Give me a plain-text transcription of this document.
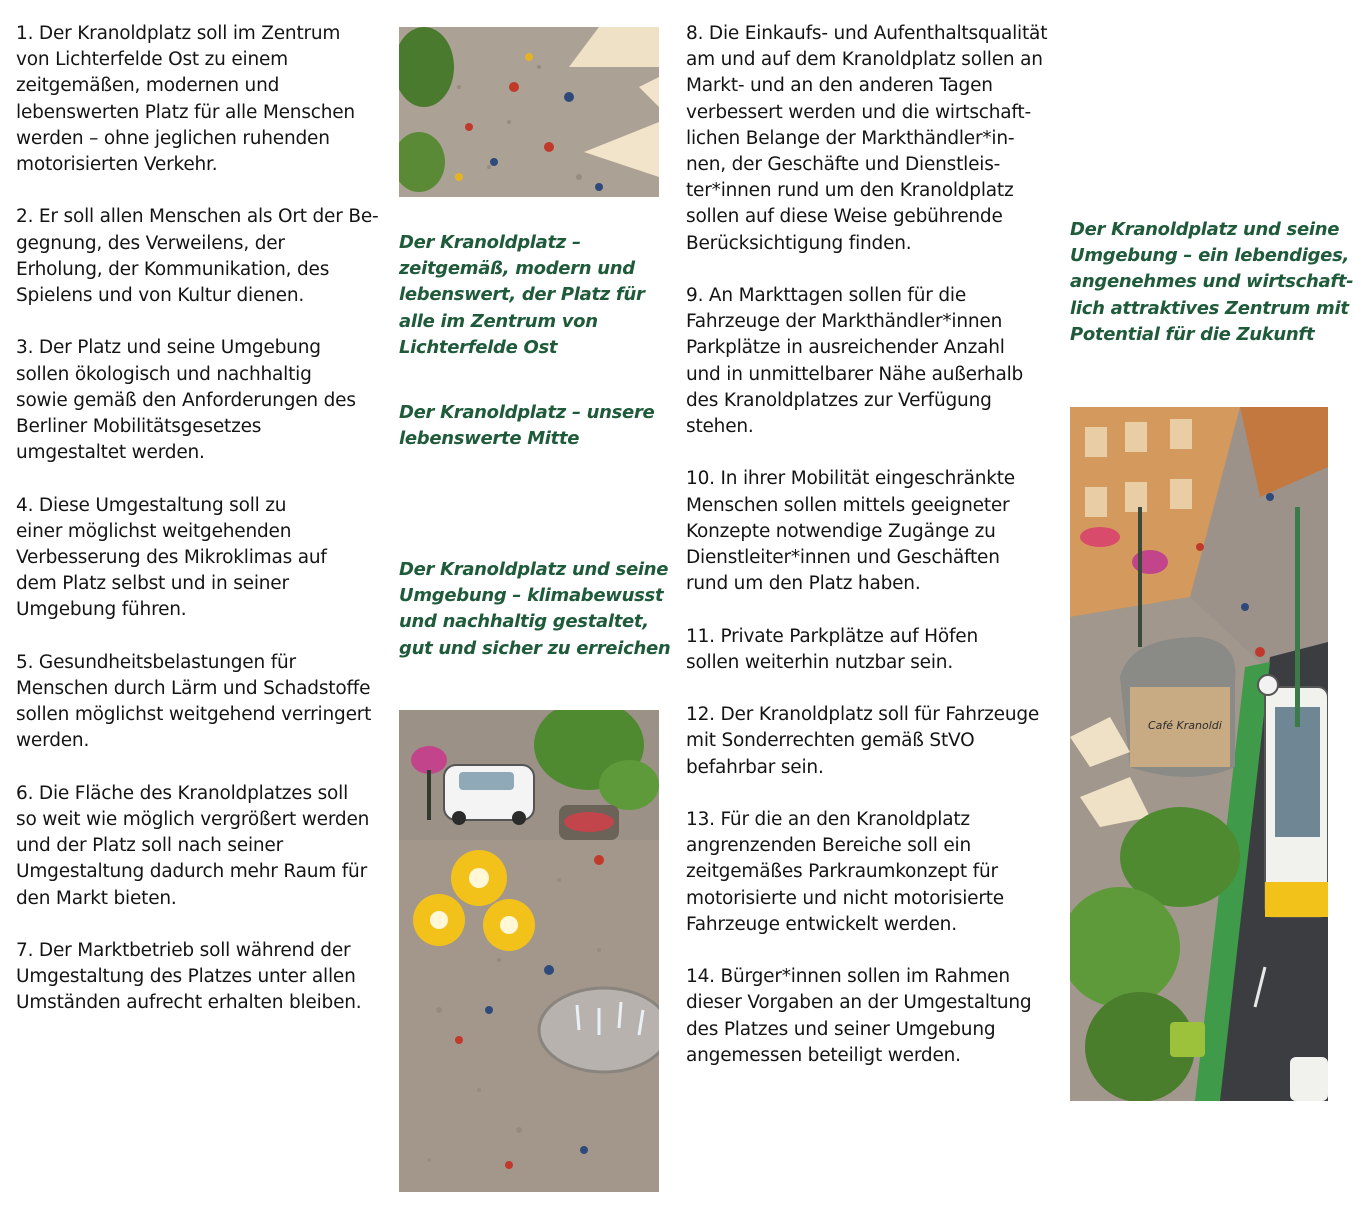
1. Der Kranoldplatz soll im Zentrum
von Lichterfelde Ost zu einem
zeitgemäßen, modernen und
lebenswerten Platz für alle Menschen
werden – ohne jeglichen ruhenden
motorisierten Verkehr.

2. Er soll allen Menschen als Ort der Be-
gegnung, des Verweilens, der
Erholung, der Kommunikation, des
Spielens und von Kultur dienen.

3. Der Platz und seine Umgebung
sollen ökologisch und nachhaltig
sowie gemäß den Anforderungen des
Berliner Mobilitätsgesetzes
umgestaltet werden.

4. Diese Umgestaltung soll zu
einer möglichst weitgehenden
Verbesserung des Mikroklimas auf
dem Platz selbst und in seiner
Umgebung führen.

5. Gesundheitsbelastungen für
Menschen durch Lärm und Schadstoffe
sollen möglichst weitgehend verringert
werden.

6. Die Fläche des Kranoldplatzes soll
so weit wie möglich vergrößert werden
und der Platz soll nach seiner
Umgestaltung dadurch mehr Raum für
den Markt bieten.

7. Der Marktbetrieb soll während der
Umgestaltung des Platzes unter allen
Umständen aufrecht erhalten bleiben.

8. Die Einkaufs- und Aufenthaltsqualität
am und auf dem Kranoldplatz sollen an
Markt- und an den anderen Tagen
verbessert werden und die wirtschaft-
lichen Belange der Markthändler*in-
nen, der Geschäfte und Dienstleis-
ter*innen rund um den Kranoldplatz
sollen auf diese Weise gebührende
Berücksichtigung finden.

9. An Markttagen sollen für die
Fahrzeuge der Markthändler*innen
Parkplätze in ausreichender Anzahl
und in unmittelbarer Nähe außerhalb
des Kranoldplatzes zur Verfügung
stehen.

10. In ihrer Mobilität eingeschränkte
Menschen sollen mittels geeigneter
Konzepte notwendige Zugänge zu
Dienstleiter*innen und Geschäften
rund um den Platz haben.

11. Private Parkplätze auf Höfen
sollen weiterhin nutzbar sein.

12. Der Kranoldplatz soll für Fahrzeuge
mit Sonderrechten gemäß StVO
befahrbar sein.

13. Für die an den Kranoldplatz
angrenzenden Bereiche soll ein
zeitgemäßes Parkraumkonzept für
motorisierte und nicht motorisierte
Fahrzeuge entwickelt werden.

14. Bürger*innen sollen im Rahmen
dieser Vorgaben an der Umgestaltung
des Platzes und seiner Umgebung
angemessen beteiligt werden.

Der Kranoldplatz –
zeitgemäß, modern und
lebenswert, der Platz für
alle im Zentrum von
Lichterfelde Ost

Der Kranoldplatz – unsere
lebenswerte Mitte

Der Kranoldplatz und seine
Umgebung – klimabewusst
und nachhaltig gestaltet,
gut und sicher zu erreichen

Der Kranoldplatz und seine
Umgebung – ein lebendiges,
angenehmes und wirtschaft-
lich attraktives Zentrum mit
Potential für die Zukunft

Café Kranoldi
